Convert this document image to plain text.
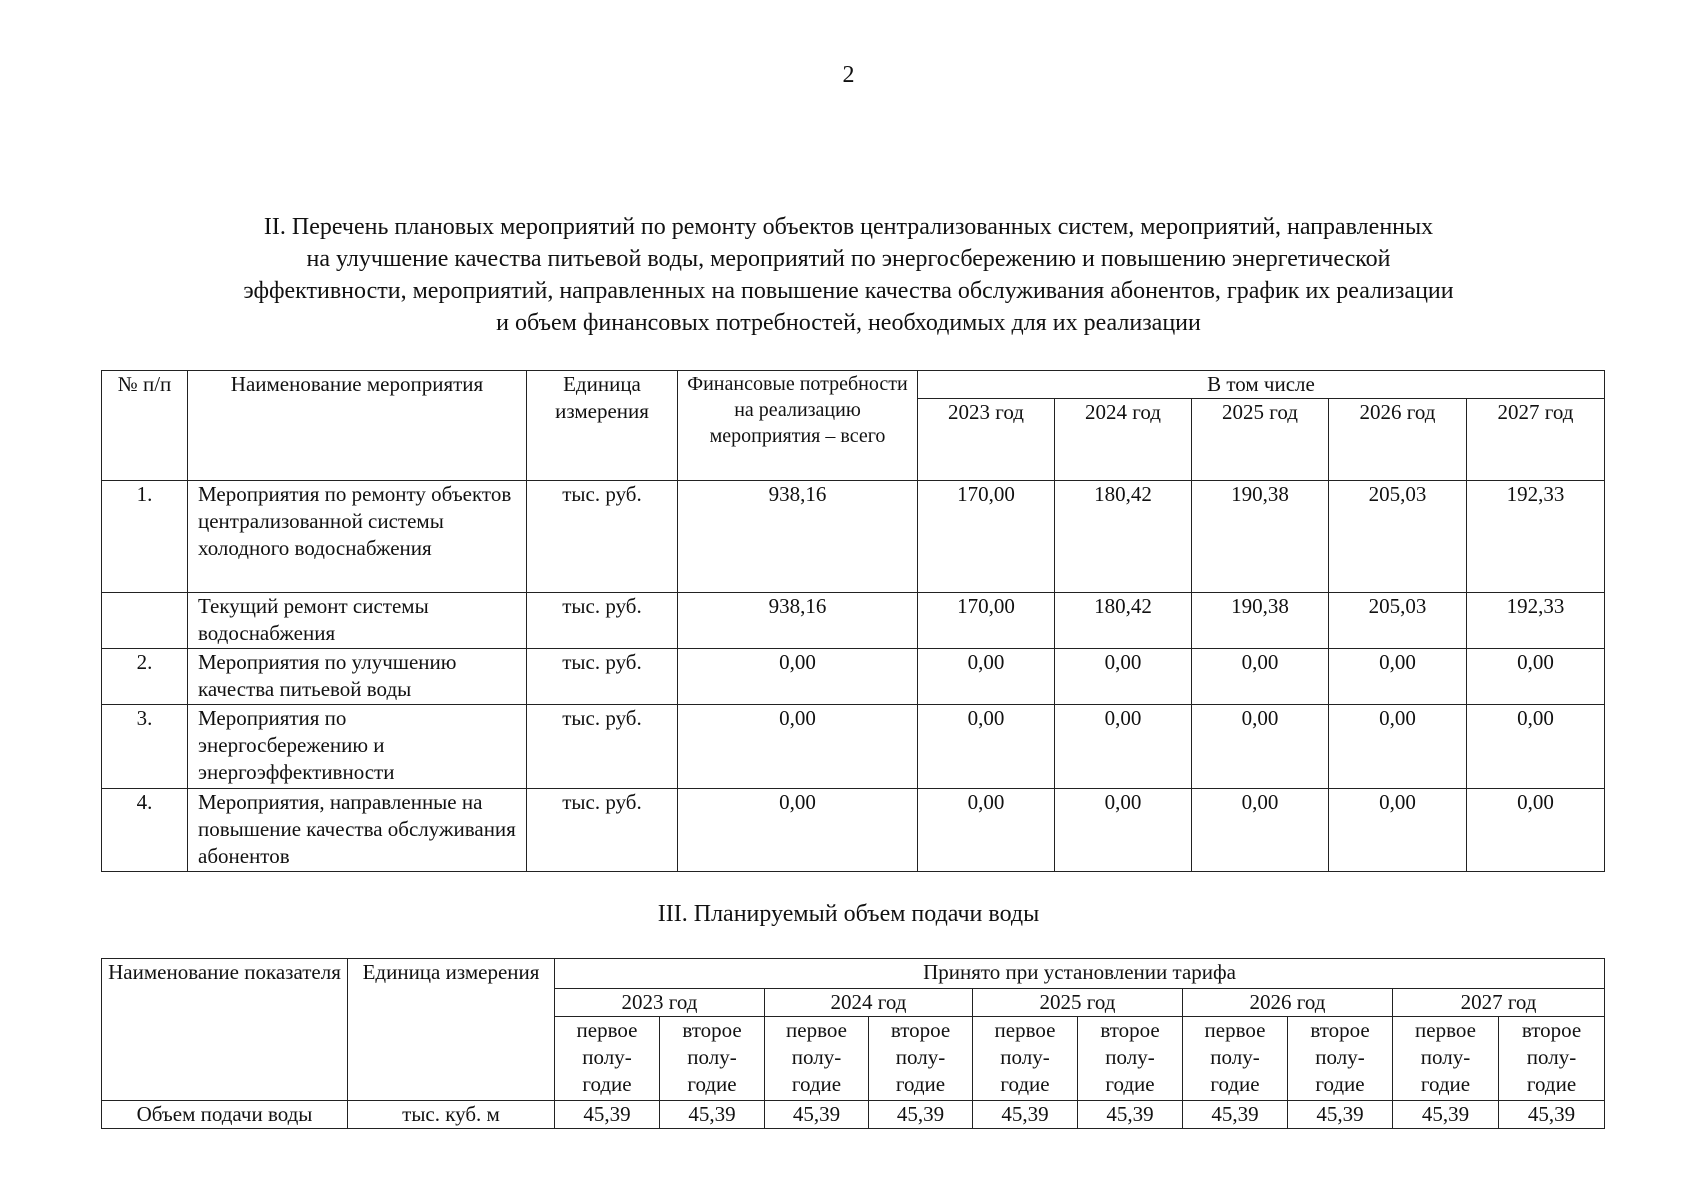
2
II. Перечень плановых мероприятий по ремонту объектов централизованных систем, мероприятий, направленных
на улучшение качества питьевой воды, мероприятий по энергосбережению и повышению энергетической
эффективности, мероприятий, направленных на повышение качества обслуживания абонентов, график их реализации
и объем финансовых потребностей, необходимых для их реализации
№ п/п	Наименование мероприятия	Единица измерения	Финансовые потребности на реализацию мероприятия – всего	В том числе				
				2023 год	2024 год	2025 год	2026 год	2027 год
1.	Мероприятия по ремонту объектов централизованной системы холодного водоснабжения	тыс. руб.	938,16	170,00	180,42	190,38	205,03	192,33
	Текущий ремонт системы водоснабжения	тыс. руб.	938,16	170,00	180,42	190,38	205,03	192,33
2.	Мероприятия по улучшению качества питьевой воды	тыс. руб.	0,00	0,00	0,00	0,00	0,00	0,00
3.	Мероприятия по энергосбережению и энергоэффективности	тыс. руб.	0,00	0,00	0,00	0,00	0,00	0,00
4.	Мероприятия, направленные на повышение качества обслуживания абонентов	тыс. руб.	0,00	0,00	0,00	0,00	0,00	0,00
III. Планируемый объем подачи воды
Наименование показателя	Единица измерения	Принято при установлении тарифа									
		2023 год		2024 год		2025 год		2026 год		2027 год	
		первое полу-годие	второе полу-годие	первое полу-годие	второе полу-годие	первое полу-годие	второе полу-годие	первое полу-годие	второе полу-годие	первое полу-годие	второе полу-годие
Объем подачи воды	тыс. куб. м	45,39	45,39	45,39	45,39	45,39	45,39	45,39	45,39	45,39	45,39
